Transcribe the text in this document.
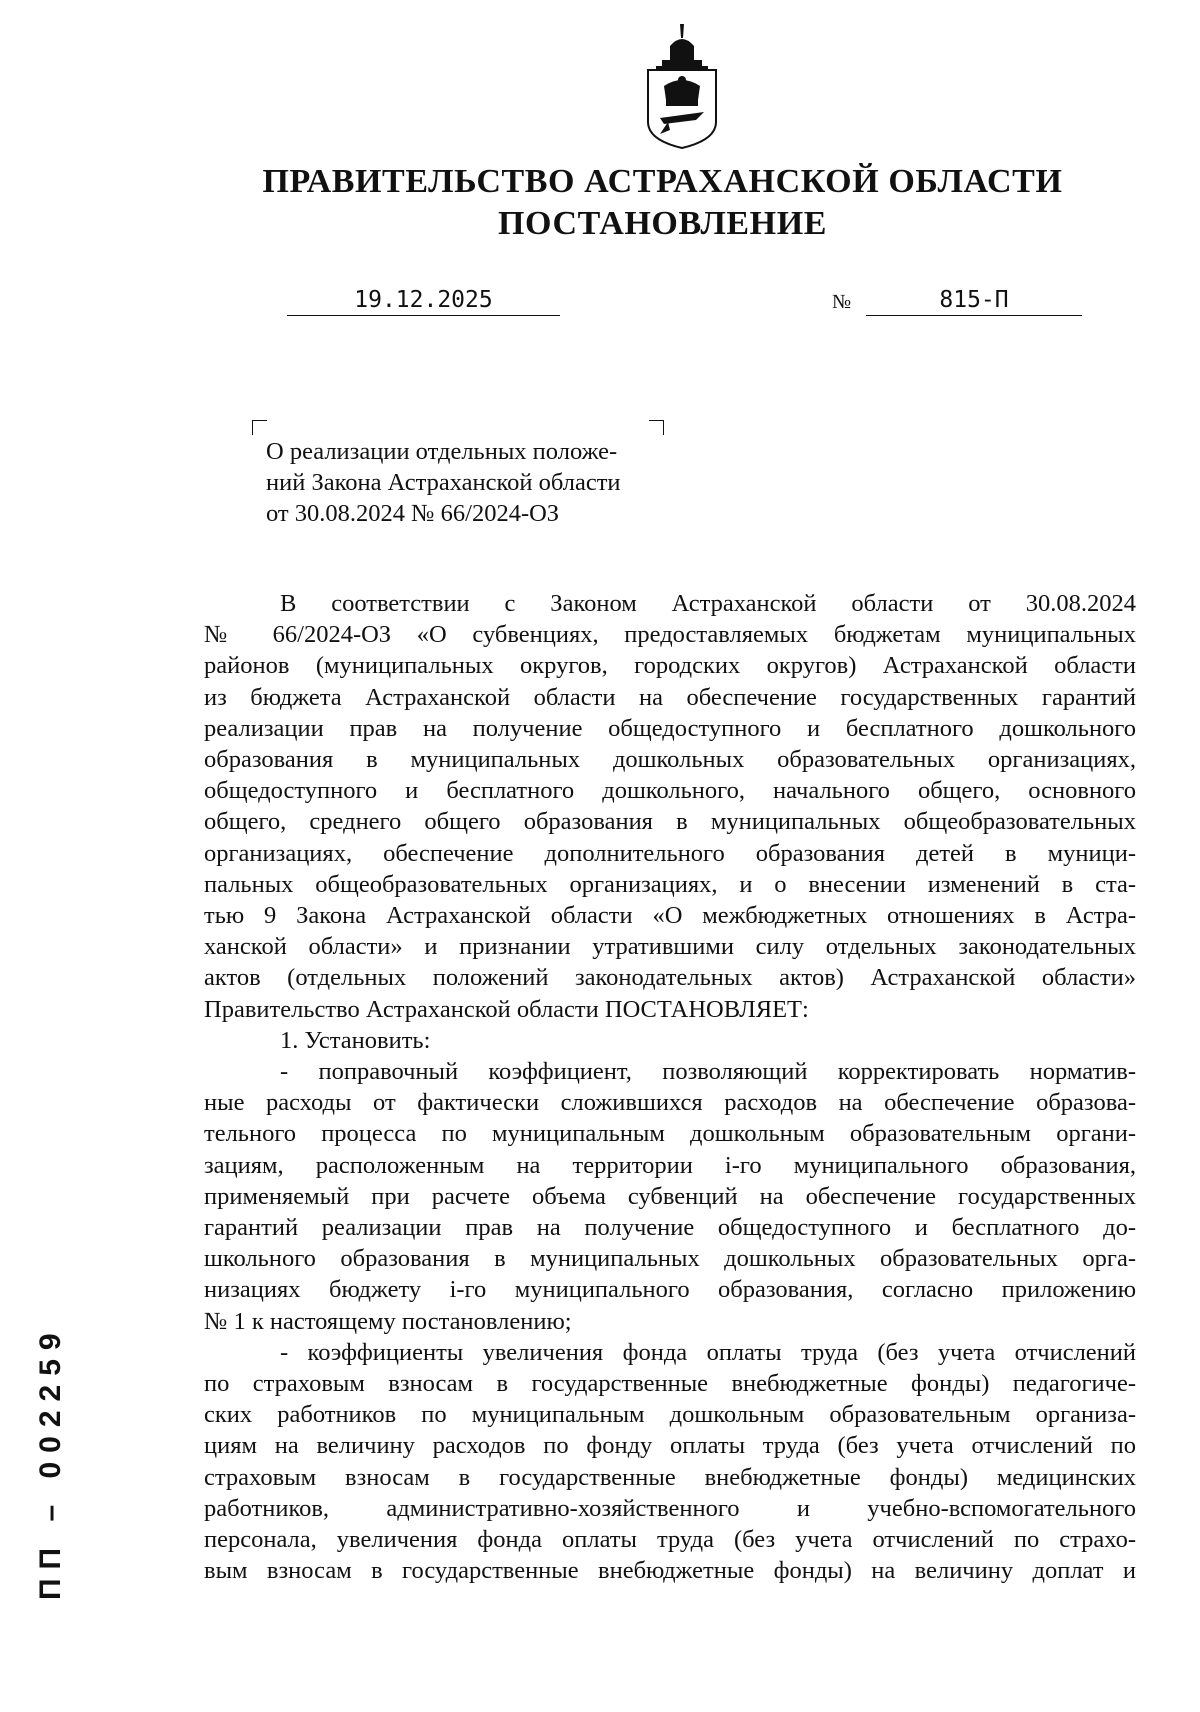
ПРАВИТЕЛЬСТВО АСТРАХАНСКОЙ ОБЛАСТИ
ПОСТАНОВЛЕНИЕ
19.12.2025	№	815-П
О реализации отдельных положе-
ний Закона Астраханской области
от 30.08.2024 № 66/2024-ОЗ
В соответствии с Законом Астраханской области от 30.08.2024
№ 66/2024-ОЗ «О субвенциях, предоставляемых бюджетам муниципальных
районов (муниципальных округов, городских округов) Астраханской области
из бюджета Астраханской области на обеспечение государственных гарантий
реализации прав на получение общедоступного и бесплатного дошкольного
образования в муниципальных дошкольных образовательных организациях,
общедоступного и бесплатного дошкольного, начального общего, основного
общего, среднего общего образования в муниципальных общеобразовательных
организациях, обеспечение дополнительного образования детей в муници-
пальных общеобразовательных организациях, и о внесении изменений в ста-
тью 9 Закона Астраханской области «О межбюджетных отношениях в Астра-
ханской области» и признании утратившими силу отдельных законодательных
актов (отдельных положений законодательных актов) Астраханской области»
Правительство Астраханской области ПОСТАНОВЛЯЕТ:
1. Установить:
- поправочный коэффициент, позволяющий корректировать норматив-
ные расходы от фактически сложившихся расходов на обеспечение образова-
тельного процесса по муниципальным дошкольным образовательным органи-
зациям, расположенным на территории i-го муниципального образования,
применяемый при расчете объема субвенций на обеспечение государственных
гарантий реализации прав на получение общедоступного и бесплатного до-
школьного образования в муниципальных дошкольных образовательных орга-
низациях бюджету i-го муниципального образования, согласно приложению
№ 1 к настоящему постановлению;
- коэффициенты увеличения фонда оплаты труда (без учета отчислений
по страховым взносам в государственные внебюджетные фонды) педагогиче-
ских работников по муниципальным дошкольным образовательным организа-
циям на величину расходов по фонду оплаты труда (без учета отчислений по
страховым взносам в государственные внебюджетные фонды) медицинских
работников, административно-хозяйственного и учебно-вспомогательного
персонала, увеличения фонда оплаты труда (без учета отчислений по страхо-
вым взносам в государственные внебюджетные фонды) на величину доплат и
ПП – 002259
